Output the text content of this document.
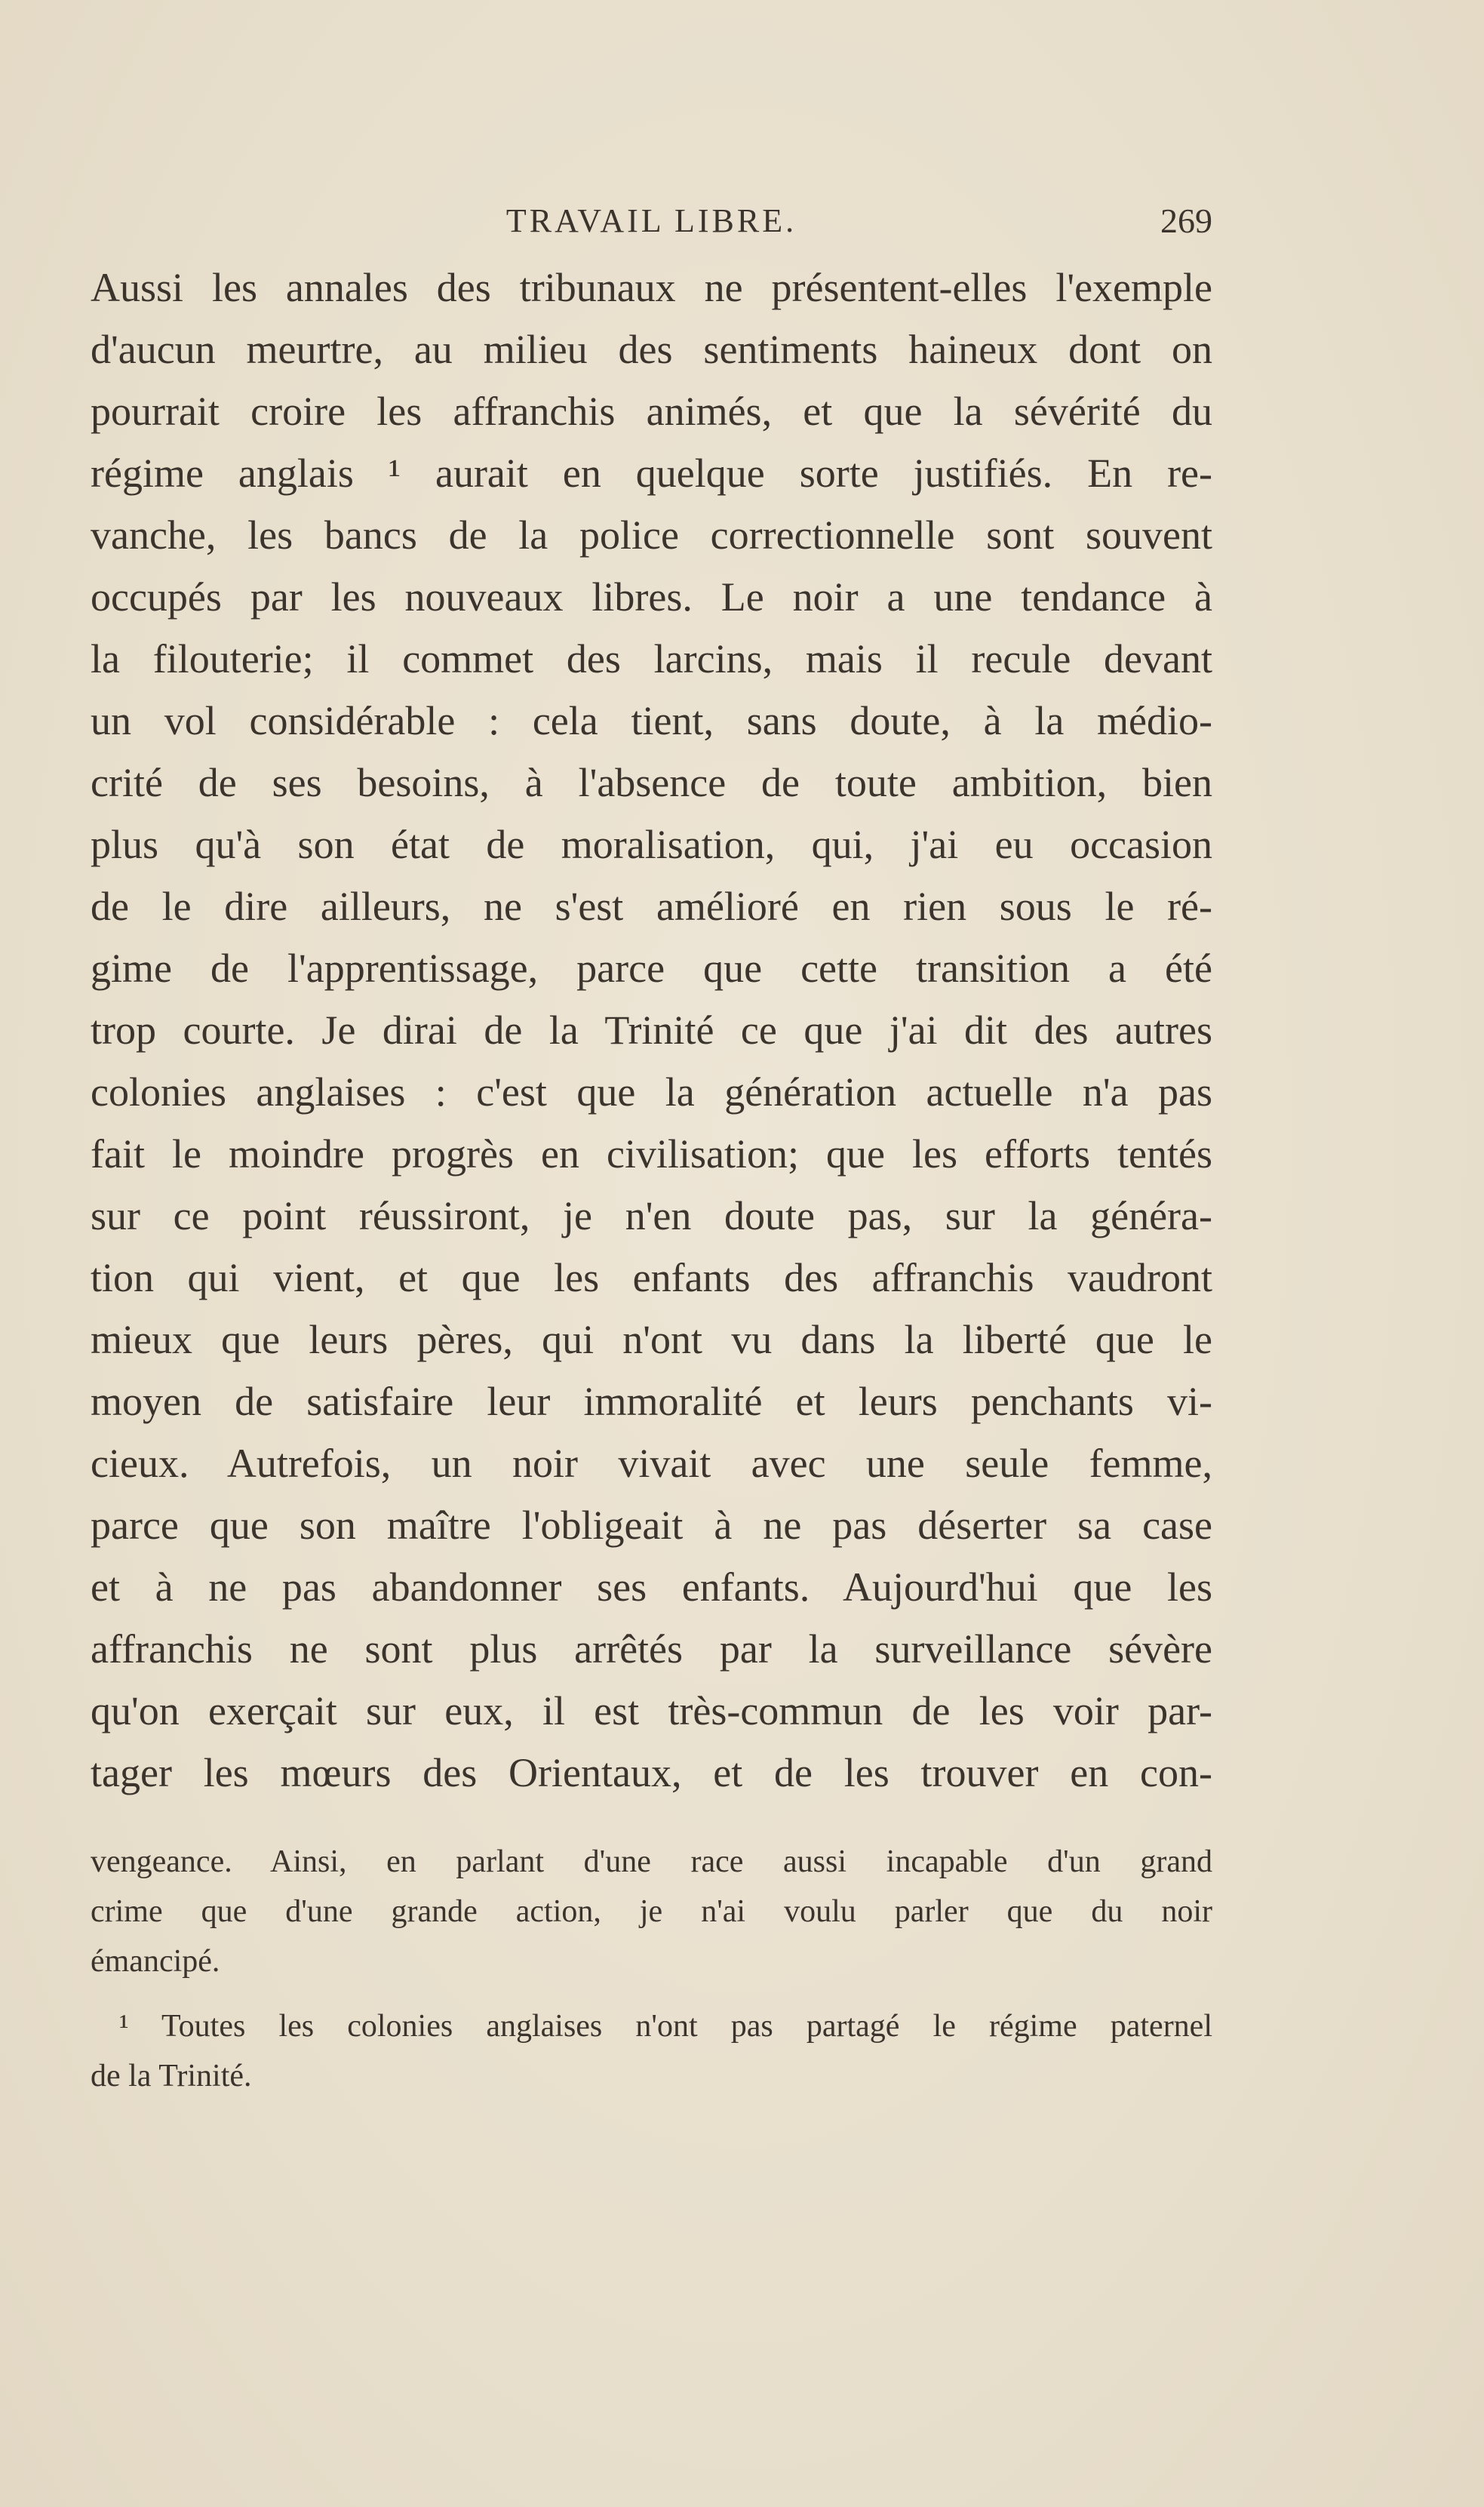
TRAVAIL LIBRE.	269
Aussi les annales des tribunaux ne présentent-elles l'exemple
d'aucun meurtre, au milieu des sentiments haineux dont on
pourrait croire les affranchis animés, et que la sévérité du
régime anglais ¹ aurait en quelque sorte justifiés. En re-
vanche, les bancs de la police correctionnelle sont souvent
occupés par les nouveaux libres. Le noir a une tendance à
la filouterie; il commet des larcins, mais il recule devant
un vol considérable : cela tient, sans doute, à la médio-
crité de ses besoins, à l'absence de toute ambition, bien
plus qu'à son état de moralisation, qui, j'ai eu occasion
de le dire ailleurs, ne s'est amélioré en rien sous le ré-
gime de l'apprentissage, parce que cette transition a été
trop courte. Je dirai de la Trinité ce que j'ai dit des autres
colonies anglaises : c'est que la génération actuelle n'a pas
fait le moindre progrès en civilisation; que les efforts tentés
sur ce point réussiront, je n'en doute pas, sur la généra-
tion qui vient, et que les enfants des affranchis vaudront
mieux que leurs pères, qui n'ont vu dans la liberté que le
moyen de satisfaire leur immoralité et leurs penchants vi-
cieux. Autrefois, un noir vivait avec une seule femme,
parce que son maître l'obligeait à ne pas déserter sa case
et à ne pas abandonner ses enfants. Aujourd'hui que les
affranchis ne sont plus arrêtés par la surveillance sévère
qu'on exerçait sur eux, il est très-commun de les voir par-
tager les mœurs des Orientaux, et de les trouver en con-
vengeance. Ainsi, en parlant d'une race aussi incapable d'un grand
crime que d'une grande action, je n'ai voulu parler que du noir
émancipé.
¹ Toutes les colonies anglaises n'ont pas partagé le régime paternel
de la Trinité.
